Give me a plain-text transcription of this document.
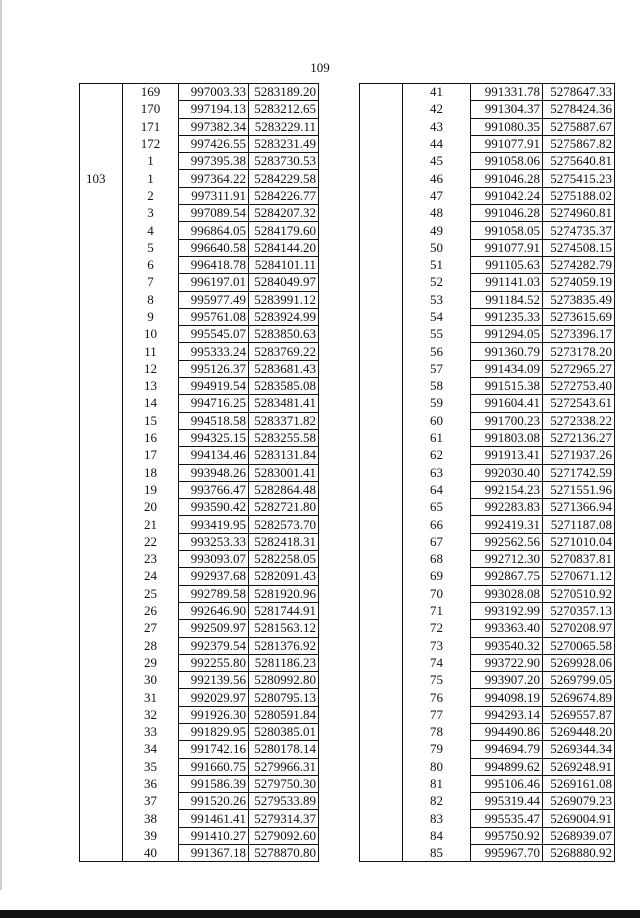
109
	169	997003.33	5283189.20
	170	997194.13	5283212.65
	171	997382.34	5283229.11
	172	997426.55	5283231.49
	1	997395.38	5283730.53
103	1	997364.22	5284229.58
	2	997311.91	5284226.77
	3	997089.54	5284207.32
	4	996864.05	5284179.60
	5	996640.58	5284144.20
	6	996418.78	5284101.11
	7	996197.01	5284049.97
	8	995977.49	5283991.12
	9	995761.08	5283924.99
	10	995545.07	5283850.63
	11	995333.24	5283769.22
	12	995126.37	5283681.43
	13	994919.54	5283585.08
	14	994716.25	5283481.41
	15	994518.58	5283371.82
	16	994325.15	5283255.58
	17	994134.46	5283131.84
	18	993948.26	5283001.41
	19	993766.47	5282864.48
	20	993590.42	5282721.80
	21	993419.95	5282573.70
	22	993253.33	5282418.31
	23	993093.07	5282258.05
	24	992937.68	5282091.43
	25	992789.58	5281920.96
	26	992646.90	5281744.91
	27	992509.97	5281563.12
	28	992379.54	5281376.92
	29	992255.80	5281186.23
	30	992139.56	5280992.80
	31	992029.97	5280795.13
	32	991926.30	5280591.84
	33	991829.95	5280385.01
	34	991742.16	5280178.14
	35	991660.75	5279966.31
	36	991586.39	5279750.30
	37	991520.26	5279533.89
	38	991461.41	5279314.37
	39	991410.27	5279092.60
	40	991367.18	5278870.80
	41	991331.78	5278647.33
	42	991304.37	5278424.36
	43	991080.35	5275887.67
	44	991077.91	5275867.82
	45	991058.06	5275640.81
	46	991046.28	5275415.23
	47	991042.24	5275188.02
	48	991046.28	5274960.81
	49	991058.05	5274735.37
	50	991077.91	5274508.15
	51	991105.63	5274282.79
	52	991141.03	5274059.19
	53	991184.52	5273835.49
	54	991235.33	5273615.69
	55	991294.05	5273396.17
	56	991360.79	5273178.20
	57	991434.09	5272965.27
	58	991515.38	5272753.40
	59	991604.41	5272543.61
	60	991700.23	5272338.22
	61	991803.08	5272136.27
	62	991913.41	5271937.26
	63	992030.40	5271742.59
	64	992154.23	5271551.96
	65	992283.83	5271366.94
	66	992419.31	5271187.08
	67	992562.56	5271010.04
	68	992712.30	5270837.81
	69	992867.75	5270671.12
	70	993028.08	5270510.92
	71	993192.99	5270357.13
	72	993363.40	5270208.97
	73	993540.32	5270065.58
	74	993722.90	5269928.06
	75	993907.20	5269799.05
	76	994098.19	5269674.89
	77	994293.14	5269557.87
	78	994490.86	5269448.20
	79	994694.79	5269344.34
	80	994899.62	5269248.91
	81	995106.46	5269161.08
	82	995319.44	5269079.23
	83	995535.47	5269004.91
	84	995750.92	5268939.07
	85	995967.70	5268880.92
